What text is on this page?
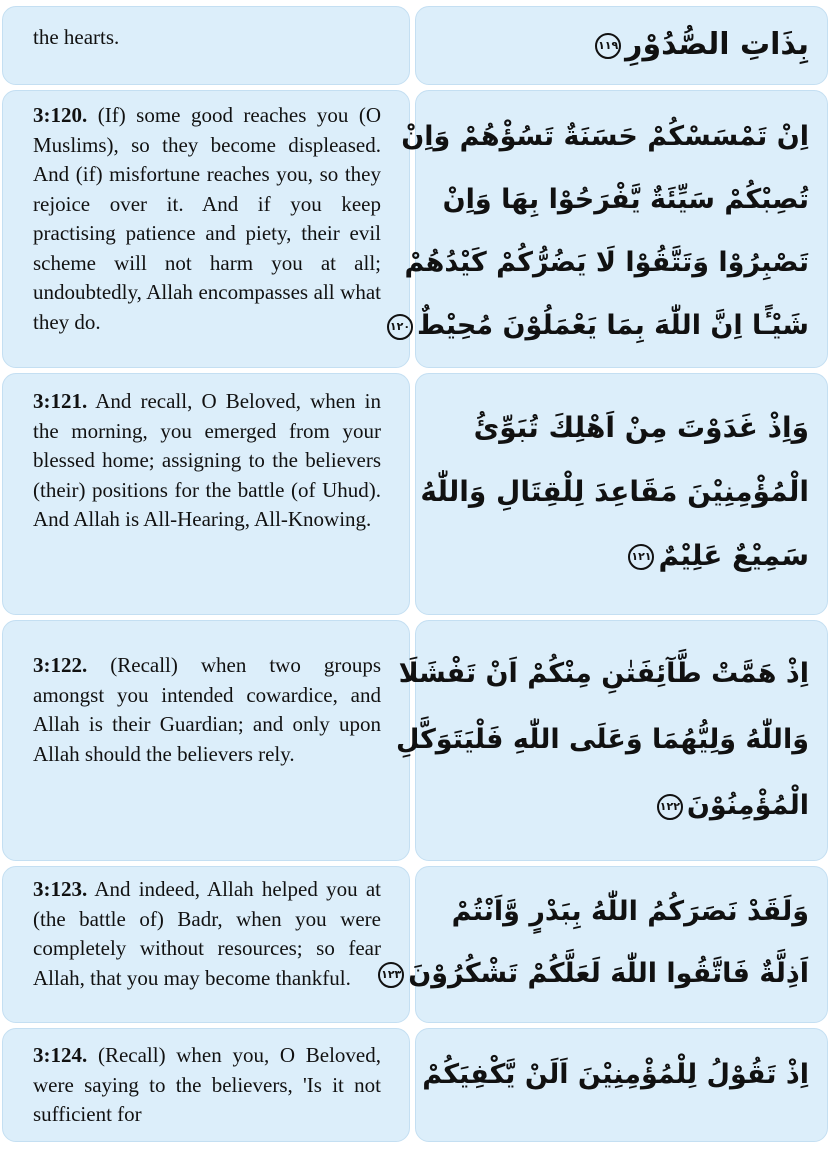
the hearts.	بِذَاتِ الصُّدُوْرِ١١٩
3:120. (If) some good reaches you (O Muslims), so they become displeased. And (if) misfortune reaches you, so they rejoice over it. And if you keep practising patience and piety, their evil scheme will not harm you at all; undoubtedly, Allah encompasses all what they do.
اِنْ تَمْسَسْكُمْ حَسَنَةٌ تَسُؤْهُمْ وَاِنْ
تُصِبْكُمْ سَيِّئَةٌ يَّفْرَحُوْا بِهَا وَاِنْ
تَصْبِرُوْا وَتَتَّقُوْا لَا يَضُرُّكُمْ كَيْدُهُمْ
شَيْـًٔا اِنَّ اللّٰهَ بِمَا يَعْمَلُوْنَ مُحِيْطٌ١٢٠
3:121. And recall, O Beloved, when in the morning, you emerged from your blessed home; assigning to the believers (their) positions for the battle (of Uhud). And Allah is All-Hearing, All-Knowing.
وَاِذْ غَدَوْتَ مِنْ اَهْلِكَ تُبَوِّئُ
الْمُؤْمِنِيْنَ مَقَاعِدَ لِلْقِتَالِ وَاللّٰهُ
سَمِيْعٌ عَلِيْمٌ١٢١
3:122. (Recall) when two groups amongst you intended cowardice, and Allah is their Guardian; and only upon Allah should the believers rely.
اِذْ هَمَّتْ طَّآئِفَتٰنِ مِنْكُمْ اَنْ تَفْشَلَا
وَاللّٰهُ وَلِيُّهُمَا وَعَلَى اللّٰهِ فَلْيَتَوَكَّلِ
الْمُؤْمِنُوْنَ١٢٢
3:123. And indeed, Allah helped you at (the battle of) Badr, when you were completely without resources; so fear Allah, that you may become thankful.
وَلَقَدْ نَصَرَكُمُ اللّٰهُ بِبَدْرٍ وَّاَنْتُمْ
اَذِلَّةٌ فَاتَّقُوا اللّٰهَ لَعَلَّكُمْ تَشْكُرُوْنَ١٢٣
3:124. (Recall) when you, O Beloved, were saying to the believers, 'Is it not sufficient for
اِذْ تَقُوْلُ لِلْمُؤْمِنِيْنَ اَلَنْ يَّكْفِيَكُمْ
